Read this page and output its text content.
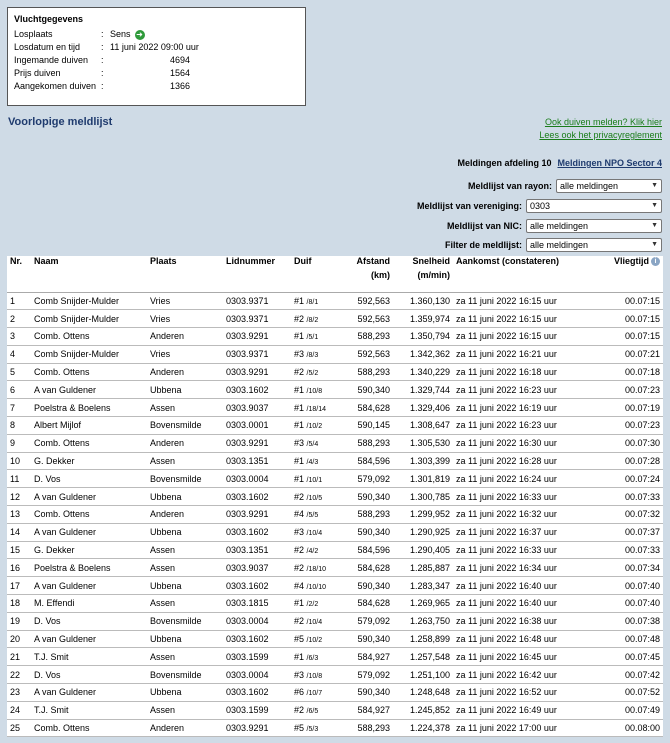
Vluchtgegevens
Losplaats	: Sens ➜
Losdatum en tijd : 11 juni 2022 09:00 uur
Ingemande duiven :	4694
Prijs duiven	:	1564
Aangekomen duiven :	1366
Voorlopige meldlijst	Ook duiven melden? Klik hier
Lees ook het privacyreglement
Meldingen afdeling 10 Meldingen NPO Sector 4
Meldlijst van rayon: alle meldingen	▼
Meldlijst van vereniging: 0303	▼
Meldlijst van NIC: alle meldingen	▼
Filter de meldlijst: alle meldingen	▼
Nr.	Naam	Plaats	Lidnummer	Duif	Afstand
(km)	Snelheid
(m/min)	Aankomst (constateren)	Vliegtijd i
1	Comb Snijder-Mulder	Vries	0303.9371	#1 /8/1	592,563	1.360,130	za 11 juni 2022 16:15 uur	00.07:15
2	Comb Snijder-Mulder	Vries	0303.9371	#2 /8/2	592,563	1.359,974	za 11 juni 2022 16:15 uur	00.07:15
3	Comb. Ottens	Anderen	0303.9291	#1 /5/1	588,293	1.350,794	za 11 juni 2022 16:15 uur	00.07:15
4	Comb Snijder-Mulder	Vries	0303.9371	#3 /8/3	592,563	1.342,362	za 11 juni 2022 16:21 uur	00.07:21
5	Comb. Ottens	Anderen	0303.9291	#2 /5/2	588,293	1.340,229	za 11 juni 2022 16:18 uur	00.07:18
6	A van Guldener	Ubbena	0303.1602	#1 /10/8	590,340	1.329,744	za 11 juni 2022 16:23 uur	00.07:23
7	Poelstra & Boelens	Assen	0303.9037	#1 /18/14	584,628	1.329,406	za 11 juni 2022 16:19 uur	00.07:19
8	Albert Mijlof	Bovensmilde	0303.0001	#1 /10/2	590,145	1.308,647	za 11 juni 2022 16:23 uur	00.07:23
9	Comb. Ottens	Anderen	0303.9291	#3 /5/4	588,293	1.305,530	za 11 juni 2022 16:30 uur	00.07:30
10	G. Dekker	Assen	0303.1351	#1 /4/3	584,596	1.303,399	za 11 juni 2022 16:28 uur	00.07:28
11	D. Vos	Bovensmilde	0303.0004	#1 /10/1	579,092	1.301,819	za 11 juni 2022 16:24 uur	00.07:24
12	A van Guldener	Ubbena	0303.1602	#2 /10/5	590,340	1.300,785	za 11 juni 2022 16:33 uur	00.07:33
13	Comb. Ottens	Anderen	0303.9291	#4 /5/5	588,293	1.299,952	za 11 juni 2022 16:32 uur	00.07:32
14	A van Guldener	Ubbena	0303.1602	#3 /10/4	590,340	1.290,925	za 11 juni 2022 16:37 uur	00.07:37
15	G. Dekker	Assen	0303.1351	#2 /4/2	584,596	1.290,405	za 11 juni 2022 16:33 uur	00.07:33
16	Poelstra & Boelens	Assen	0303.9037	#2 /18/10	584,628	1.285,887	za 11 juni 2022 16:34 uur	00.07:34
17	A van Guldener	Ubbena	0303.1602	#4 /10/10	590,340	1.283,347	za 11 juni 2022 16:40 uur	00.07:40
18	M. Effendi	Assen	0303.1815	#1 /2/2	584,628	1.269,965	za 11 juni 2022 16:40 uur	00.07:40
19	D. Vos	Bovensmilde	0303.0004	#2 /10/4	579,092	1.263,750	za 11 juni 2022 16:38 uur	00.07:38
20	A van Guldener	Ubbena	0303.1602	#5 /10/2	590,340	1.258,899	za 11 juni 2022 16:48 uur	00.07:48
21	T.J. Smit	Assen	0303.1599	#1 /6/3	584,927	1.257,548	za 11 juni 2022 16:45 uur	00.07:45
22	D. Vos	Bovensmilde	0303.0004	#3 /10/8	579,092	1.251,100	za 11 juni 2022 16:42 uur	00.07:42
23	A van Guldener	Ubbena	0303.1602	#6 /10/7	590,340	1.248,648	za 11 juni 2022 16:52 uur	00.07:52
24	T.J. Smit	Assen	0303.1599	#2 /6/5	584,927	1.245,852	za 11 juni 2022 16:49 uur	00.07:49
25	Comb. Ottens	Anderen	0303.9291	#5 /5/3	588,293	1.224,378	za 11 juni 2022 17:00 uur	00.08:00
